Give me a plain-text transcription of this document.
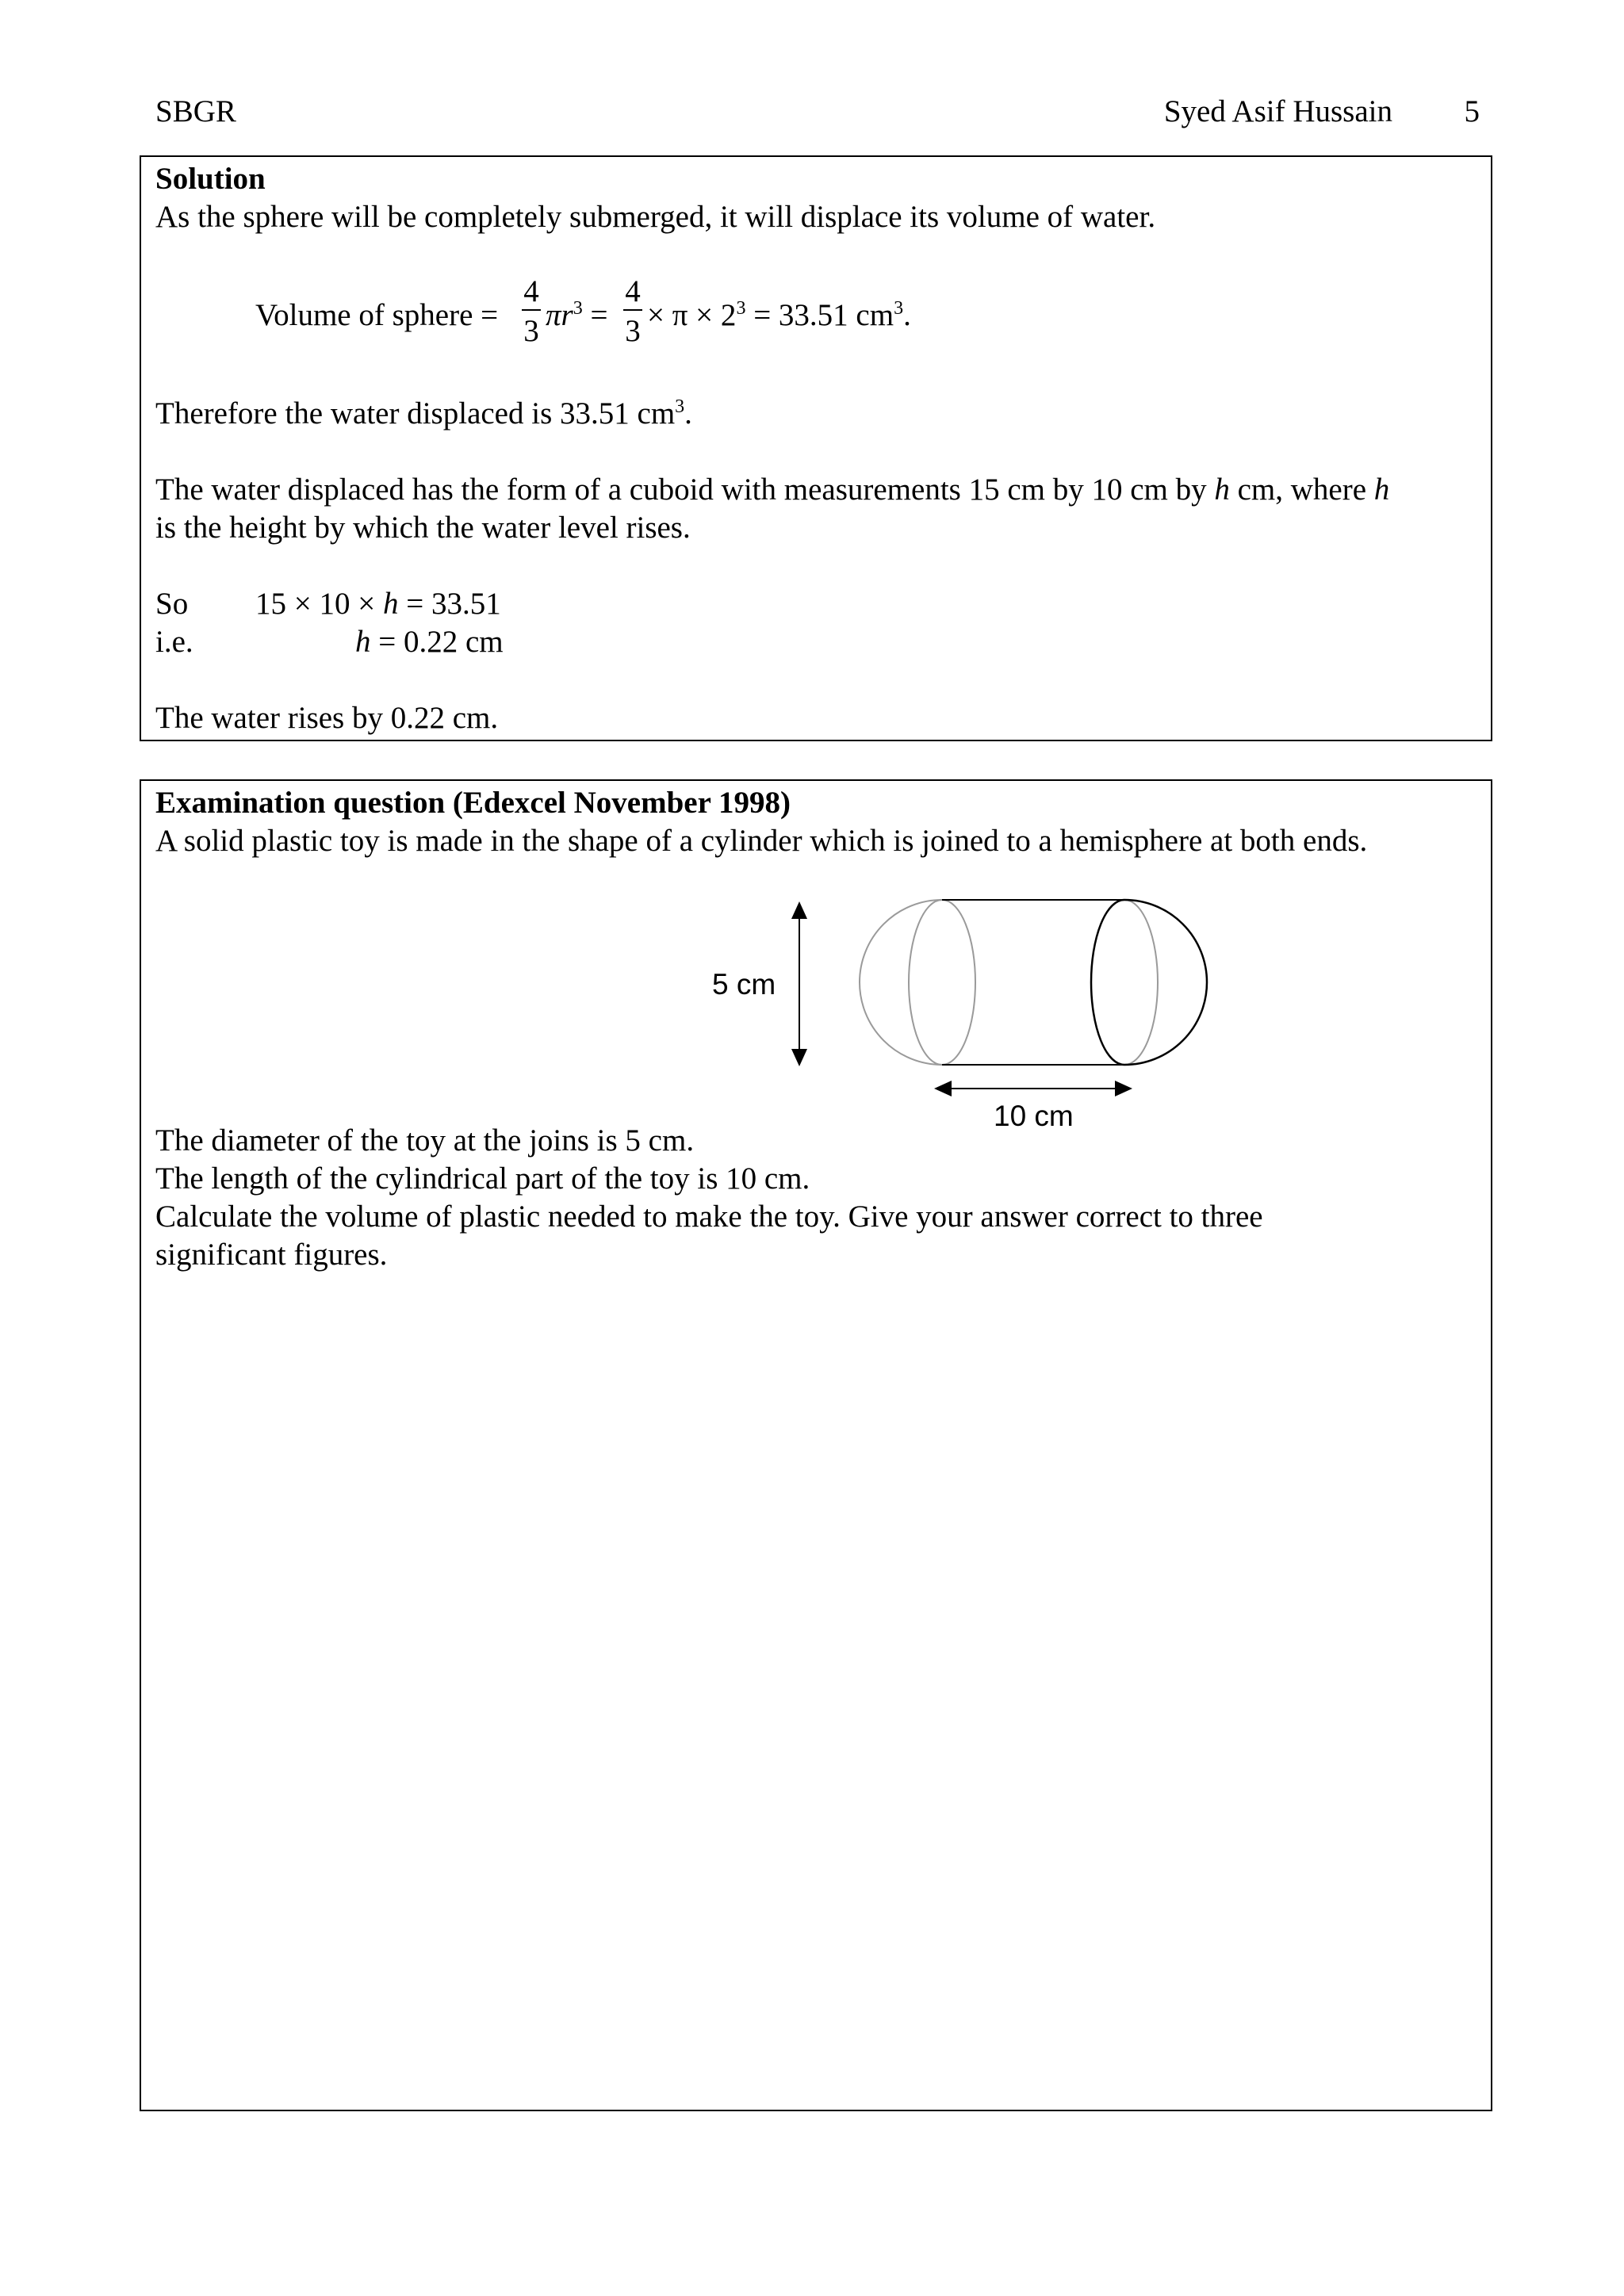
SBGR	Syed Asif Hussain 5
Solution
As the sphere will be completely submerged, it will displace its volume of water.
Volume of sphere =
4
3 $\pi r^3$ =
4
$3 \times \pi \times 2^3 = 33.51$ $cm^3$.
Therefore the water displaced is 33.51 $cm^3$.
The water displaced has the form of a cuboid with measurements 15 cm by 10 cm by h cm, where h
is the height by which the water level rises.
So 15 × 10 × h = 33.51
i.e.	h = 0.22 cm
The water rises by 0.22 cm.
Examination question (Edexcel November 1998)
A solid plastic toy is made in the shape of a cylinder which is joined to a hemisphere at both ends.
5 cm
10 cm
The diameter of the toy at the joins is 5 cm.
The length of the cylindrical part of the toy is 10 cm.
Calculate the volume of plastic needed to make the toy. Give your answer correct to three
significant figures.
